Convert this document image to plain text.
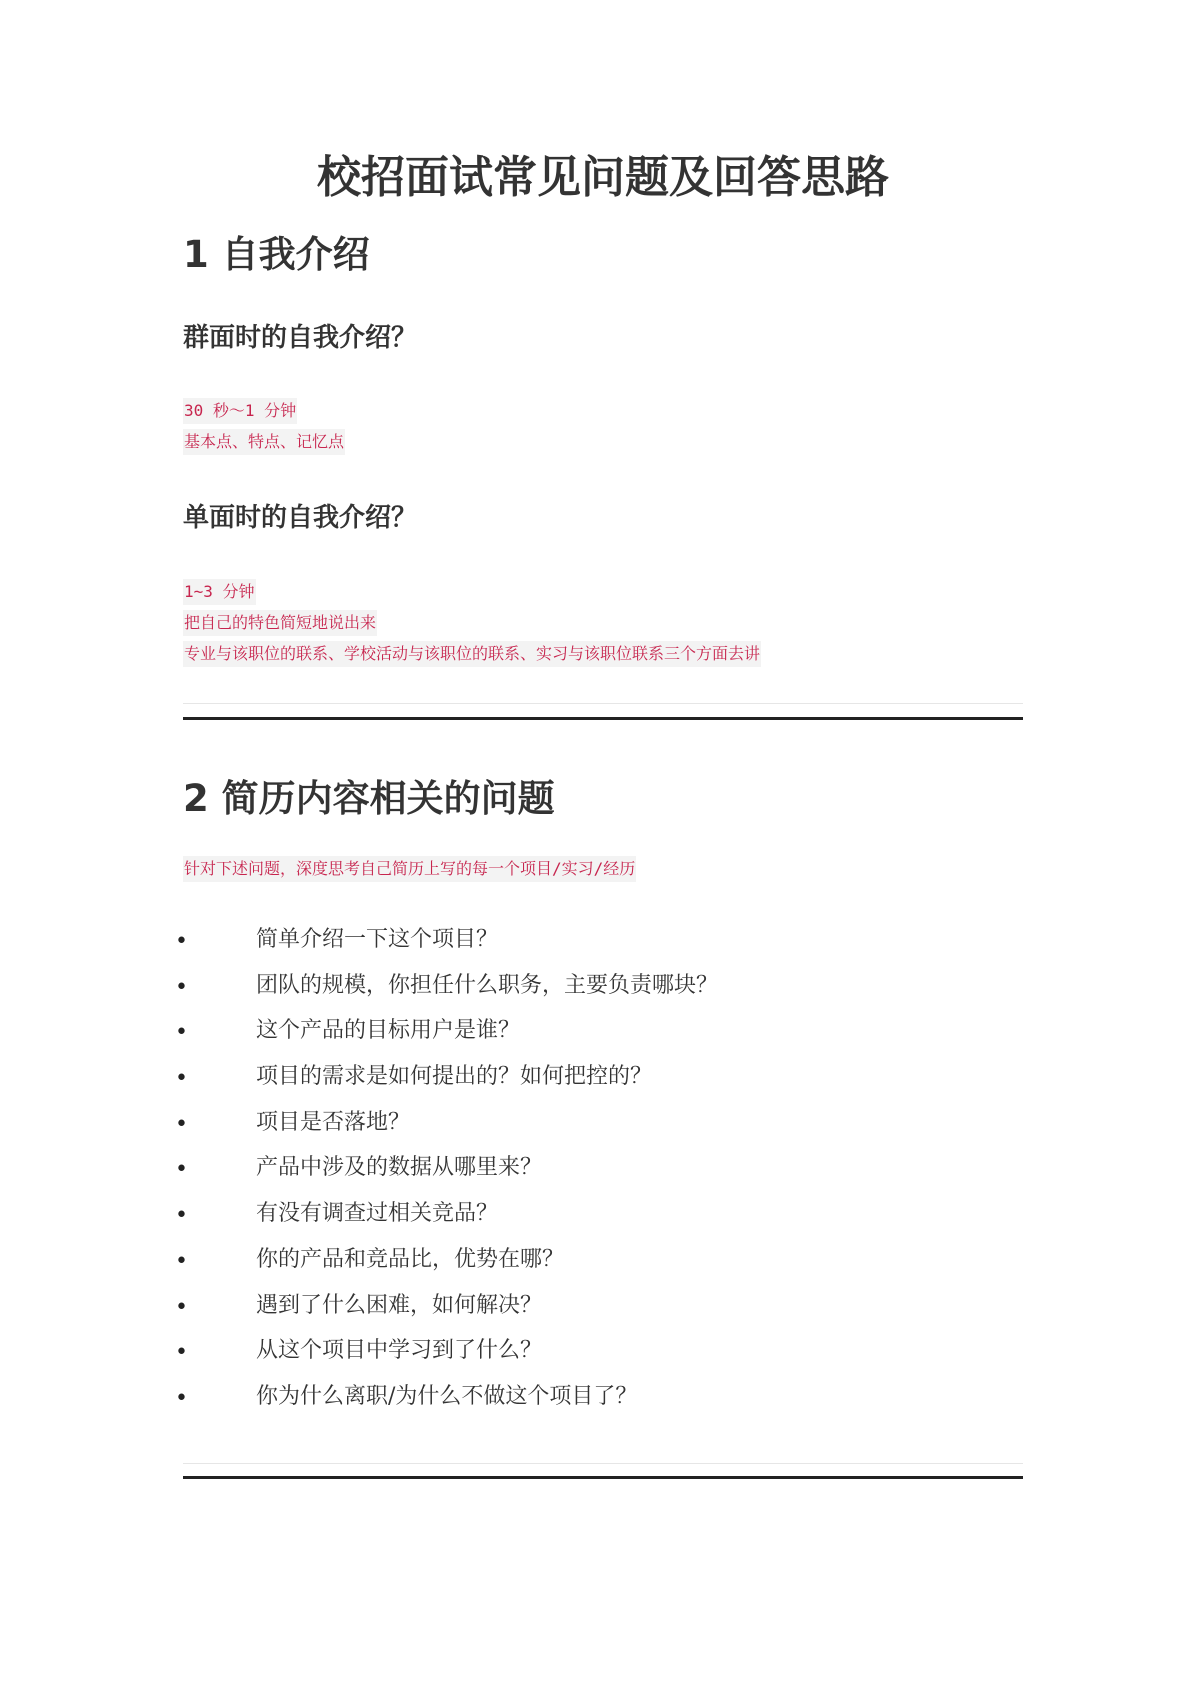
校招面试常见问题及回答思路
1 自我介绍
群面时的自我介绍？
30 秒～1 分钟
基本点、特点、记忆点
单面时的自我介绍？
1~3 分钟
把自己的特色简短地说出来
专业与该职位的联系、学校活动与该职位的联系、实习与该职位联系三个方面去讲
2 简历内容相关的问题
针对下述问题，深度思考自己简历上写的每一个项目/实习/经历
•	简单介绍一下这个项目？
•	团队的规模，你担任什么职务，主要负责哪块？
•	这个产品的目标用户是谁？
•	项目的需求是如何提出的？如何把控的？
•	项目是否落地？
•	产品中涉及的数据从哪里来？
•	有没有调查过相关竞品？
•	你的产品和竞品比，优势在哪？
•	遇到了什么困难，如何解决？
•	从这个项目中学习到了什么？
•	你为什么离职/为什么不做这个项目了？
